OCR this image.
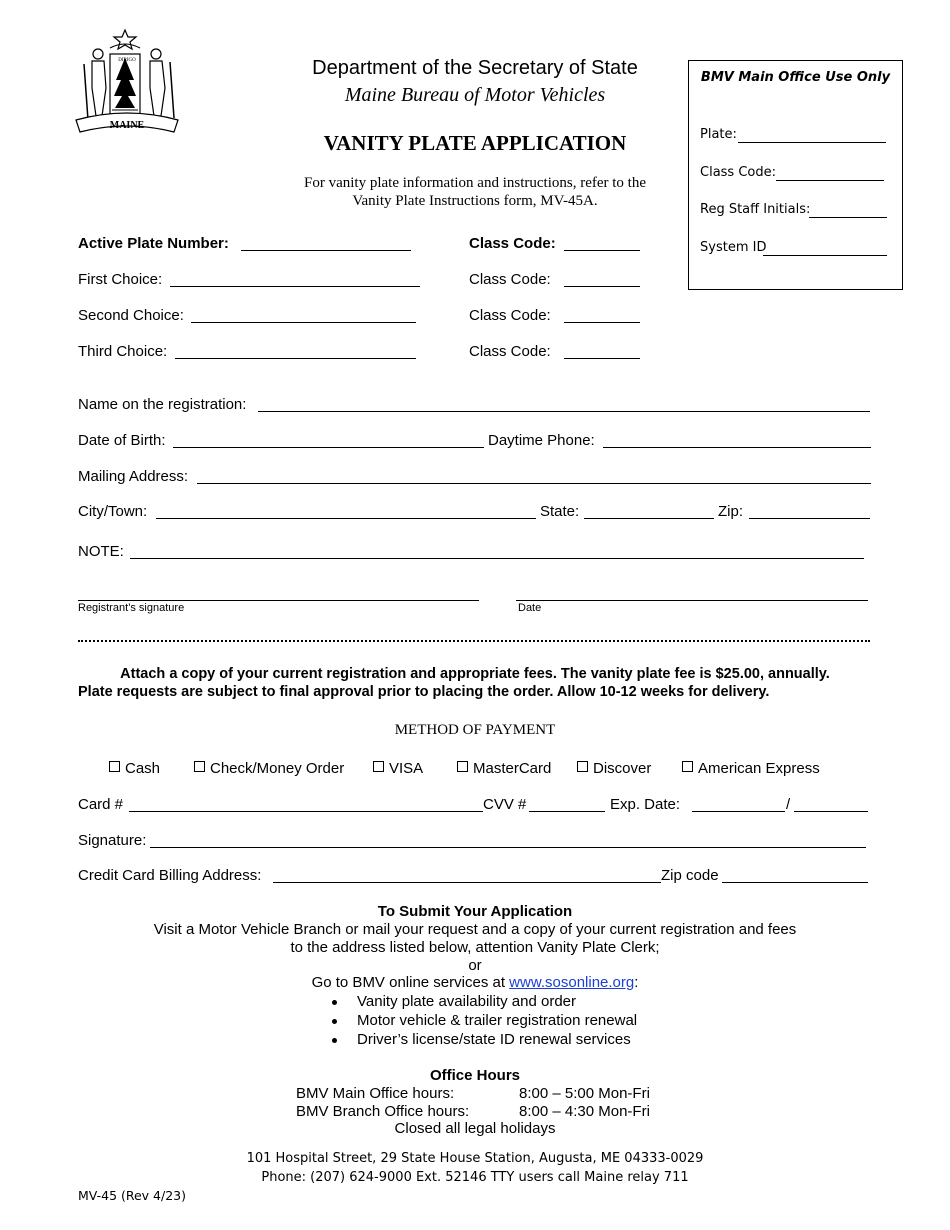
MAINE
DIRIGO	Department of the Secretary of State
Maine Bureau of Motor Vehicles
VANITY PLATE APPLICATION
For vanity plate information and instructions, refer to the
Vanity Plate Instructions form, MV-45A.
BMV Main Office Use Only
Plate:
Class Code:
Reg Staff Initials:
System ID
Active Plate Number:	Class Code:
First Choice:	Class Code:
Second Choice:	Class Code:
Third Choice:	Class Code:
Name on the registration:
Date of Birth:	Daytime Phone:
Mailing Address:
City/Town:	State:	Zip:
NOTE:
Registrant’s signature	Date
Attach a copy of your current registration and appropriate fees. The vanity plate fee is $25.00, annually.
Plate requests are subject to final approval prior to placing the order. Allow 10-12 weeks for delivery.
METHOD OF PAYMENT
Cash	Check/Money Order	VISA	MasterCard	Discover	American Express
Card #	CVV #	Exp. Date:	/
Signature:
Credit Card Billing Address:	Zip code
To Submit Your Application
Visit a Motor Vehicle Branch or mail your request and a copy of your current registration and fees
to the address listed below, attention Vanity Plate Clerk;
or
Go to BMV online services at www.sosonline.org:
Vanity plate availability and order
Motor vehicle & trailer registration renewal
Driver’s license/state ID renewal services
Office Hours
BMV Main Office hours:	8:00 – 5:00 Mon-Fri
BMV Branch Office hours:	8:00 – 4:30 Mon-Fri
Closed all legal holidays
101 Hospital Street, 29 State House Station, Augusta, ME 04333-0029
Phone: (207) 624-9000 Ext. 52146 TTY users call Maine relay 711
MV-45 (Rev 4/23)
